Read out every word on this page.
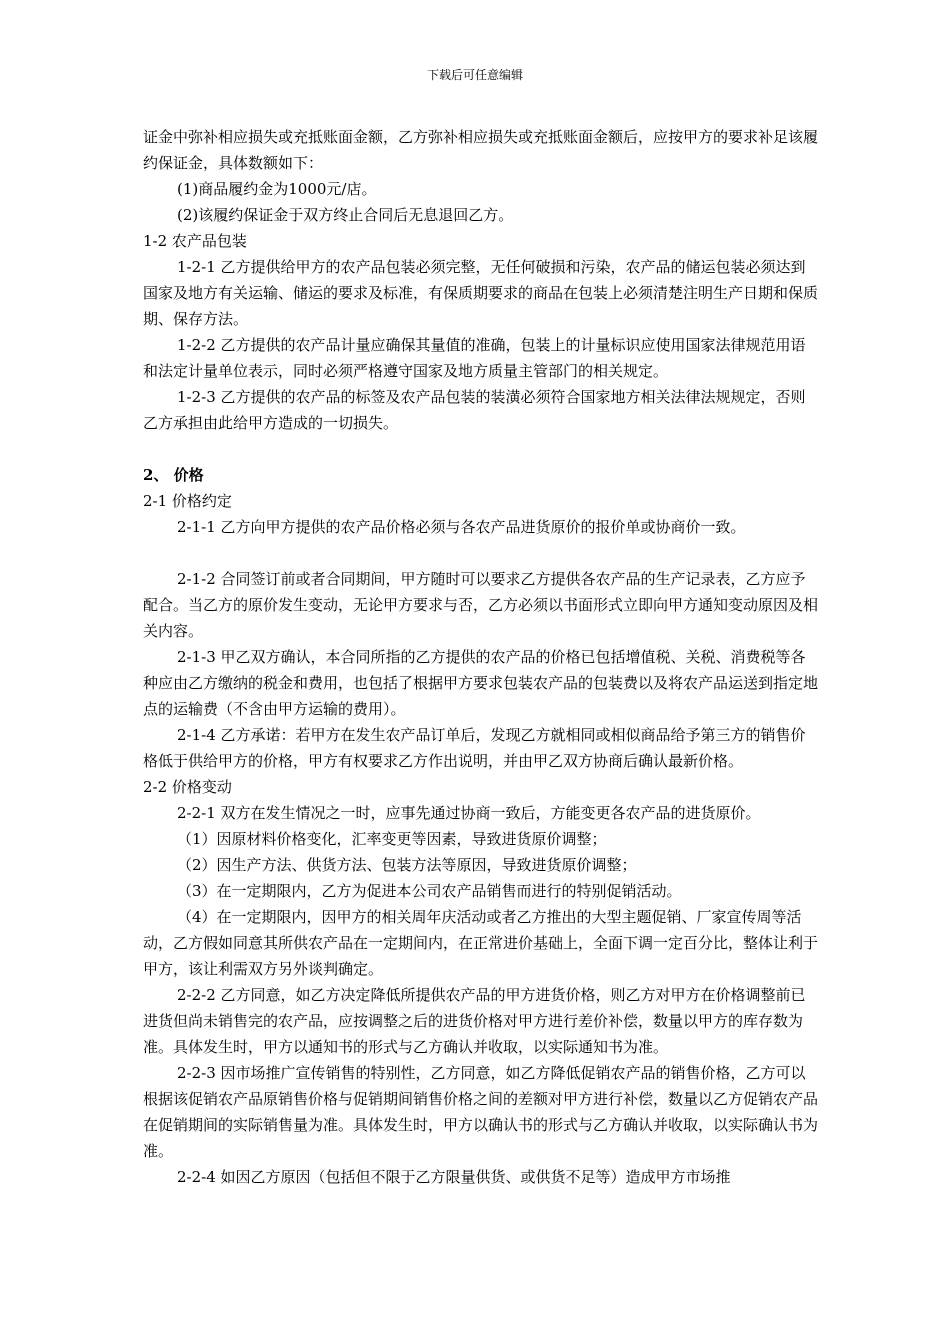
下载后可任意编辑

证金中弥补相应损失或充抵账面金额，乙方弥补相应损失或充抵账面金额后，应按甲方的要求补足该履约保证金，具体数额如下：

(1)商品履约金为1000元/店。

(2)该履约保证金于双方终止合同后无息退回乙方。

1-2 农产品包装

1-2-1 乙方提供给甲方的农产品包装必须完整，无任何破损和污染，农产品的储运包装必须达到国家及地方有关运输、储运的要求及标准，有保质期要求的商品在包装上必须清楚注明生产日期和保质期、保存方法。

1-2-2 乙方提供的农产品计量应确保其量值的准确，包装上的计量标识应使用国家法律规范用语和法定计量单位表示，同时必须严格遵守国家及地方质量主管部门的相关规定。

1-2-3 乙方提供的农产品的标签及农产品包装的装潢必须符合国家地方相关法律法规规定，否则乙方承担由此给甲方造成的一切损失。

2、 价格

2-1 价格约定

2-1-1 乙方向甲方提供的农产品价格必须与各农产品进货原价的报价单或协商价一致。

2-1-2 合同签订前或者合同期间，甲方随时可以要求乙方提供各农产品的生产记录表，乙方应予配合。当乙方的原价发生变动，无论甲方要求与否，乙方必须以书面形式立即向甲方通知变动原因及相关内容。

2-1-3 甲乙双方确认，本合同所指的乙方提供的农产品的价格已包括增值税、关税、消费税等各种应由乙方缴纳的税金和费用，也包括了根据甲方要求包装农产品的包装费以及将农产品运送到指定地点的运输费（不含由甲方运输的费用）。

2-1-4 乙方承诺：若甲方在发生农产品订单后，发现乙方就相同或相似商品给予第三方的销售价格低于供给甲方的价格，甲方有权要求乙方作出说明，并由甲乙双方协商后确认最新价格。

2-2 价格变动

2-2-1 双方在发生情况之一时，应事先通过协商一致后，方能变更各农产品的进货原价。

（1）因原材料价格变化，汇率变更等因素，导致进货原价调整；

（2）因生产方法、供货方法、包装方法等原因，导致进货原价调整；

（3）在一定期限内，乙方为促进本公司农产品销售而进行的特别促销活动。

（4）在一定期限内，因甲方的相关周年庆活动或者乙方推出的大型主题促销、厂家宣传周等活动，乙方假如同意其所供农产品在一定期间内，在正常进价基础上，全面下调一定百分比，整体让利于甲方，该让利需双方另外谈判确定。

2-2-2 乙方同意，如乙方决定降低所提供农产品的甲方进货价格，则乙方对甲方在价格调整前已进货但尚未销售完的农产品，应按调整之后的进货价格对甲方进行差价补偿，数量以甲方的库存数为准。具体发生时，甲方以通知书的形式与乙方确认并收取，以实际通知书为准。

2-2-3 因市场推广宣传销售的特别性，乙方同意，如乙方降低促销农产品的销售价格，乙方可以根据该促销农产品原销售价格与促销期间销售价格之间的差额对甲方进行补偿，数量以乙方促销农产品在促销期间的实际销售量为准。具体发生时，甲方以确认书的形式与乙方确认并收取，以实际确认书为准。

2-2-4 如因乙方原因（包括但不限于乙方限量供货、或供货不足等）造成甲方市场推
